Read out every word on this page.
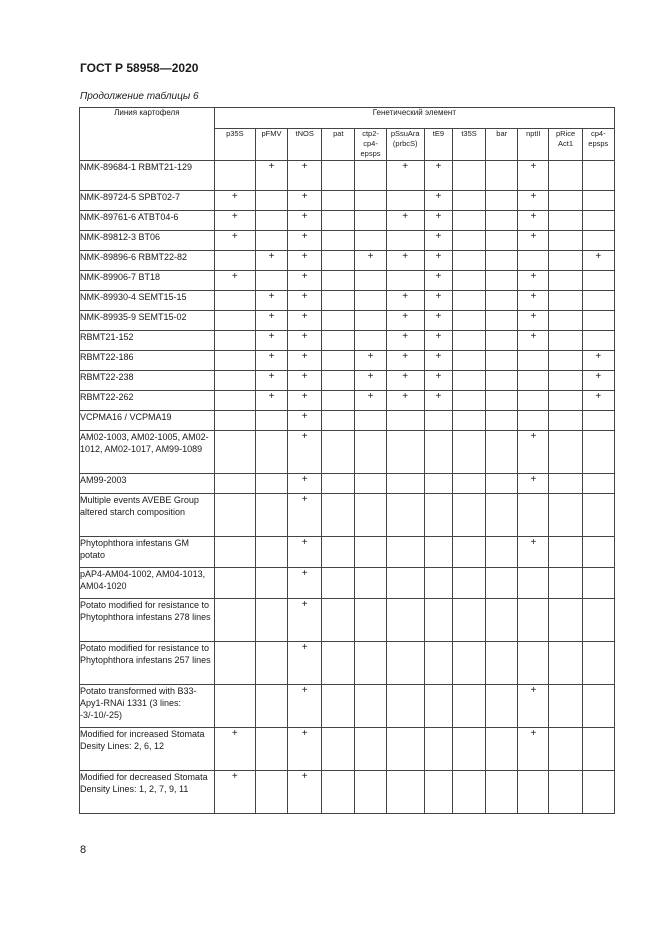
ГОСТ Р 58958—2020
Продолжение таблицы 6
Линия картофеля	Генетический элемент											
	p35S	pFMV	tNOS	pat	ctp2-
cp4-
epsps	pSsuAra
(prbcS)	tE9	t35S	bar	nptII	pRice
Act1	cp4-
epsps
NMK-89684-1 RBMT21-129		+	+			+	+			+		
NMK-89724-5 SPBT02-7	+		+				+			+		
NMK-89761-6 ATBT04-6	+		+			+	+			+		
NMK-89812-3 BT06	+		+				+			+		
NMK-89896-6 RBMT22-82		+	+		+	+	+					+
NMK-89906-7 BT18	+		+				+			+		
NMK-89930-4 SEMT15-15		+	+			+	+			+		
NMK-89935-9 SEMT15-02		+	+			+	+			+		
RBMT21-152		+	+			+	+			+		
RBMT22-186		+	+		+	+	+					+
RBMT22-238		+	+		+	+	+					+
RBMT22-262		+	+		+	+	+					+
VCPMA16 / VCPMA19			+									
AM02-1003, AM02-1005, AM02-1012, AM02-1017, AM99-1089			+							+		
AM99-2003			+							+		
Multiple events AVEBE Group altered starch composition			+									
Phytophthora infestans GM potato			+							+		
pAP4-AM04-1002, AM04-1013, AM04-1020			+									
Potato modified for resistance to Phytophthora infestans 278 lines			+									
Potato modified for resistance to Phytophthora infestans 257 lines			+									
Potato transformed with B33-Apy1-RNAi 1331 (3 lines: -3/-10/-25)			+							+		
Modified for increased Stomata Desity Lines: 2, 6, 12	+		+							+		
Modified for decreased Stomata Density Lines: 1, 2, 7, 9, 11	+		+									
8
